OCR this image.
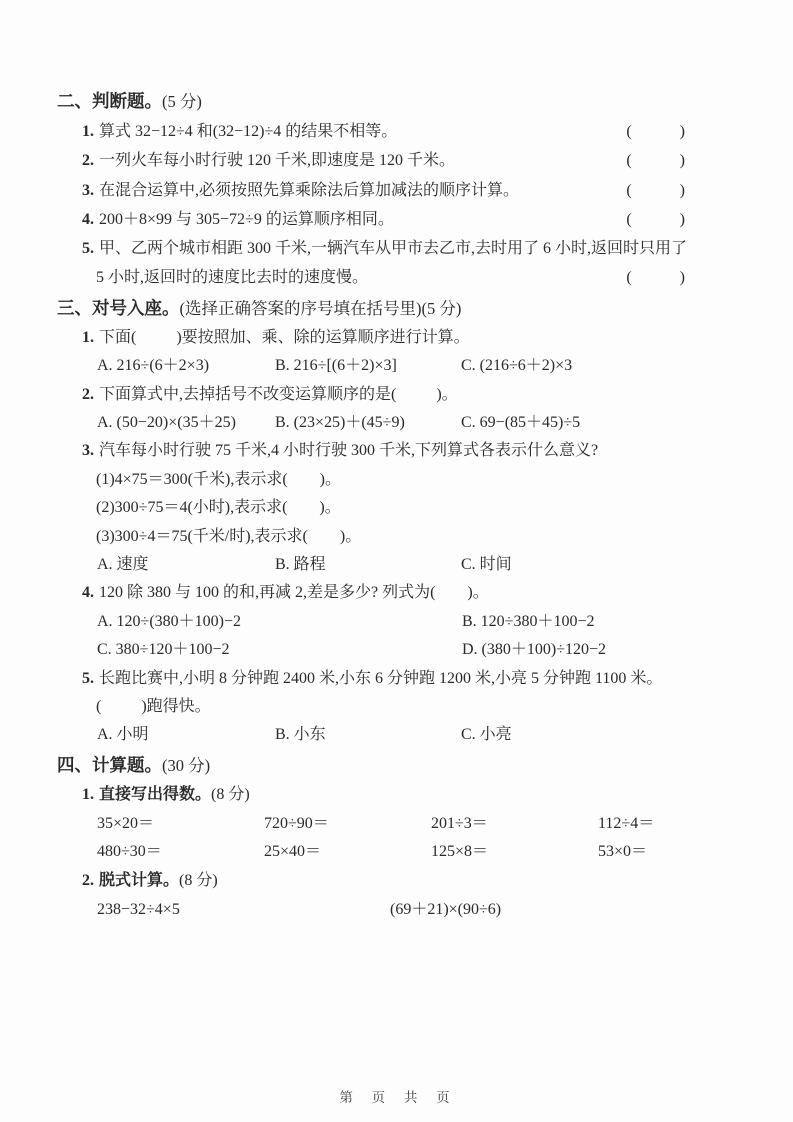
二、判断题。(5 分)
1. 算式 32−12÷4 和(32−12)÷4 的结果不相等。	(            )
2. 一列火车每小时行驶 120 千米,即速度是 120 千米。	(            )
3. 在混合运算中,必须按照先算乘除法后算加减法的顺序计算。	(            )
4. 200＋8×99 与 305−72÷9 的运算顺序相同。	(            )
5. 甲、乙两个城市相距 300 千米,一辆汽车从甲市去乙市,去时用了 6 小时,返回时只用了
5 小时,返回时的速度比去时的速度慢。	(            )
三、对号入座。(选择正确答案的序号填在括号里)(5 分)
1. 下面(          )要按照加、乘、除的运算顺序进行计算。
A. 216÷(6＋2×3)	B. 216÷[(6＋2)×3]	C. (216÷6＋2)×3
2. 下面算式中,去掉括号不改变运算顺序的是(          )。
A. (50−20)×(35＋25)	B. (23×25)＋(45÷9)	C. 69−(85＋45)÷5
3. 汽车每小时行驶 75 千米,4 小时行驶 300 千米,下列算式各表示什么意义?
(1)4×75＝300(千米),表示求(        )。
(2)300÷75＝4(小时),表示求(        )。
(3)300÷4＝75(千米/时),表示求(        )。
A. 速度	B. 路程	C. 时间
4. 120 除 380 与 100 的和,再减 2,差是多少? 列式为(        )。
A. 120÷(380＋100)−2	B. 120÷380＋100−2
C. 380÷120＋100−2	D. (380＋100)÷120−2
5. 长跑比赛中,小明 8 分钟跑 2400 米,小东 6 分钟跑 1200 米,小亮 5 分钟跑 1100 米。
(          )跑得快。
A. 小明	B. 小东	C. 小亮
四、计算题。(30 分)
1. 直接写出得数。 (8 分)
35×20＝	720÷90＝	201÷3＝	112÷4＝
480÷30＝	25×40＝	125×8＝	53×0＝
2. 脱式计算。 (8 分)
238−32÷4×5	(69＋21)×(90÷6)
第  页  共  页
